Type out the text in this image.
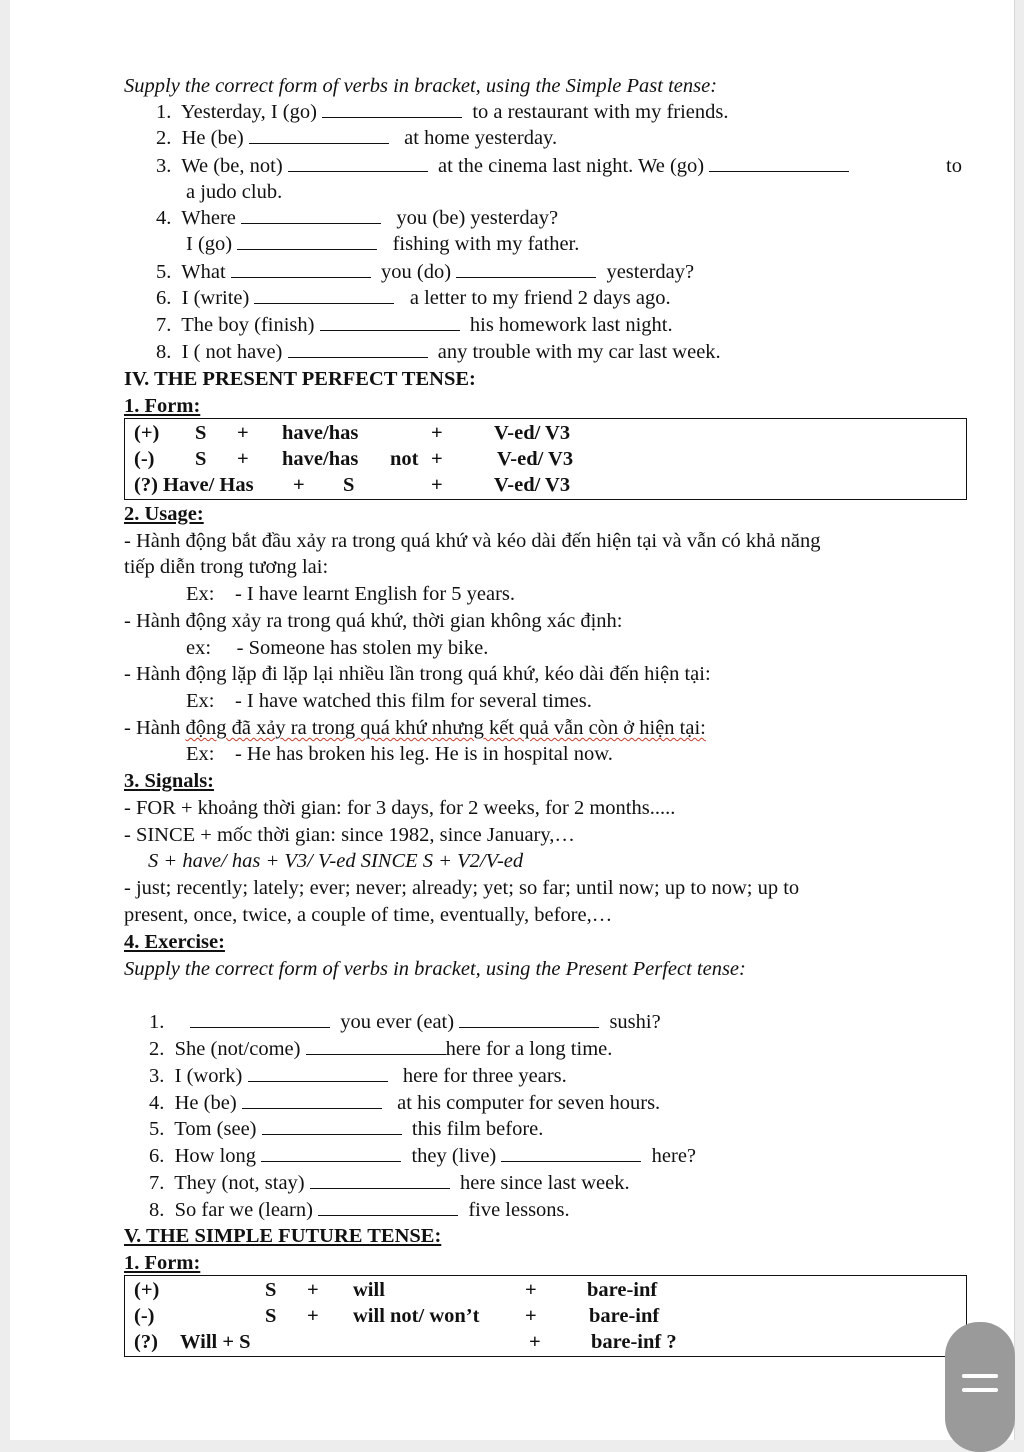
Supply the correct form of verbs in bracket, using the Simple Past tense:
1. Yesterday, I (go)	to a restaurant with my friends.
2. He (be)	at home yesterday.
3. We (be, not)	at the cinema last night. We (go)	to
a judo club.
4. Where	you (be) yesterday?
I (go)	fishing with my father.
5. What	you (do)	yesterday?
6. I (write)	a letter to my friend 2 days ago.
7. The boy (finish)	his homework last night.
8. I ( not have)	any trouble with my car last week.
IV. THE PRESENT PERFECT TENSE:
1. Form:
(+) S + have/has	+	V-ed/ V3
(-) S + have/has not +	V-ed/ V3
(?) Have/ Has + S	+	V-ed/ V3
2. Usage:
- Hành động bắt đầu xảy ra trong quá khứ và kéo dài đến hiện tại và vẫn có khả năng
tiếp diễn trong tương lai:
Ex: - I have learnt English for 5 years.
- Hành động xảy ra trong quá khứ, thời gian không xác định:
ex: - Someone has stolen my bike.
- Hành động lặp đi lặp lại nhiều lần trong quá khứ, kéo dài đến hiện tại:
Ex: - I have watched this film for several times.
- Hành động đã xảy ra trong quá khứ nhưng kết quả vẫn còn ở hiện tại:
Ex: - He has broken his leg. He is in hospital now.
3. Signals:
- FOR + khoảng thời gian: for 3 days, for 2 weeks, for 2 months.....
- SINCE + mốc thời gian: since 1982, since January,…
S + have/ has + V3/ V-ed SINCE S + V2/V-ed
- just; recently; lately; ever; never; already; yet; so far; until now; up to now; up to
present, once, twice, a couple of time, eventually, before,…
4. Exercise:
Supply the correct form of verbs in bracket, using the Present Perfect tense:
1.	you ever (eat)	sushi?
2. She (not/come)	here for a long time.
3. I (work)	here for three years.
4. He (be)	at his computer for seven hours.
5. Tom (see)	this film before.
6. How long	they (live)	here?
7. They (not, stay)	here since last week.
8. So far we (learn)	five lessons.
V. THE SIMPLE FUTURE TENSE:
1. Form:
(+)	S + will	+ bare-inf
(-)	S + will not/ won’t +	bare-inf
(?) Will + S	+ bare-inf ?
